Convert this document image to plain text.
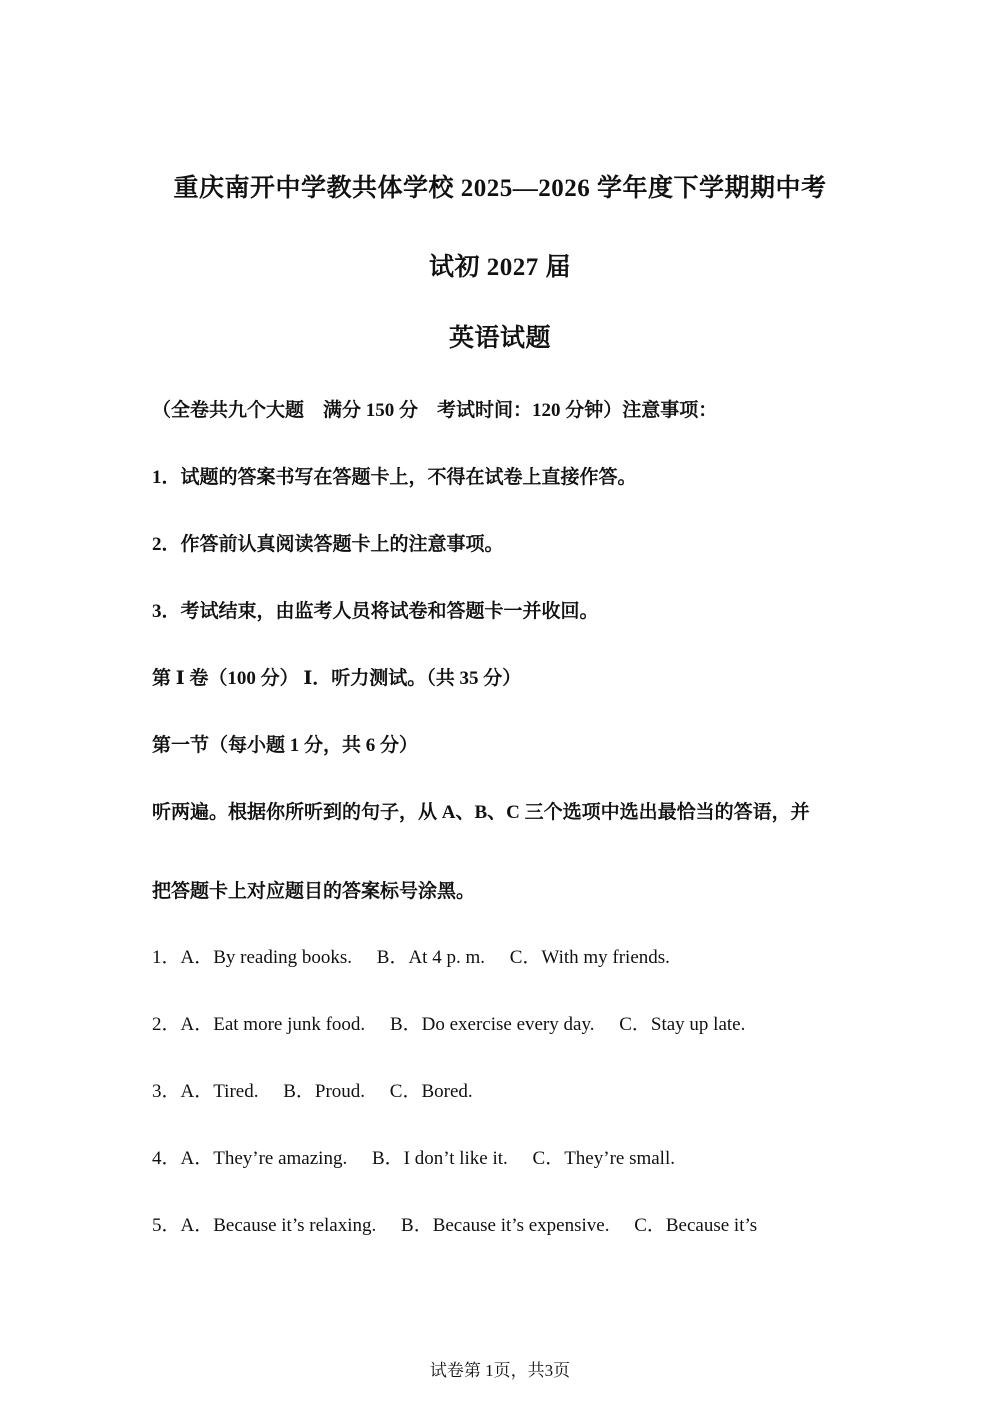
重庆南开中学教共体学校 2025—2026 学年度下学期期中考
试初 2027 届
英语试题
（全卷共九个大题　满分 150 分　考试时间：120 分钟）注意事项：
1．试题的答案书写在答题卡上，不得在试卷上直接作答。
2．作答前认真阅读答题卡上的注意事项。
3．考试结束，由监考人员将试卷和答题卡一并收回。
第 Ⅰ 卷（100 分） Ⅰ．听力测试。（共 35 分）
第一节（每小题 1 分，共 6 分）
听两遍。根据你所听到的句子，从 A、B、C 三个选项中选出最恰当的答语，并
把答题卡上对应题目的答案标号涂黑。
1．A．By reading books. B．At 4 p. m. C．With my friends.
2．A．Eat more junk food. B．Do exercise every day. C．Stay up late.
3．A．Tired. B．Proud. C．Bored.
4．A．They’re amazing. B．I don’t like it. C．They’re small.
5．A．Because it’s relaxing. B．Because it’s expensive. C．Because it’s
试卷第 1页，共3页
